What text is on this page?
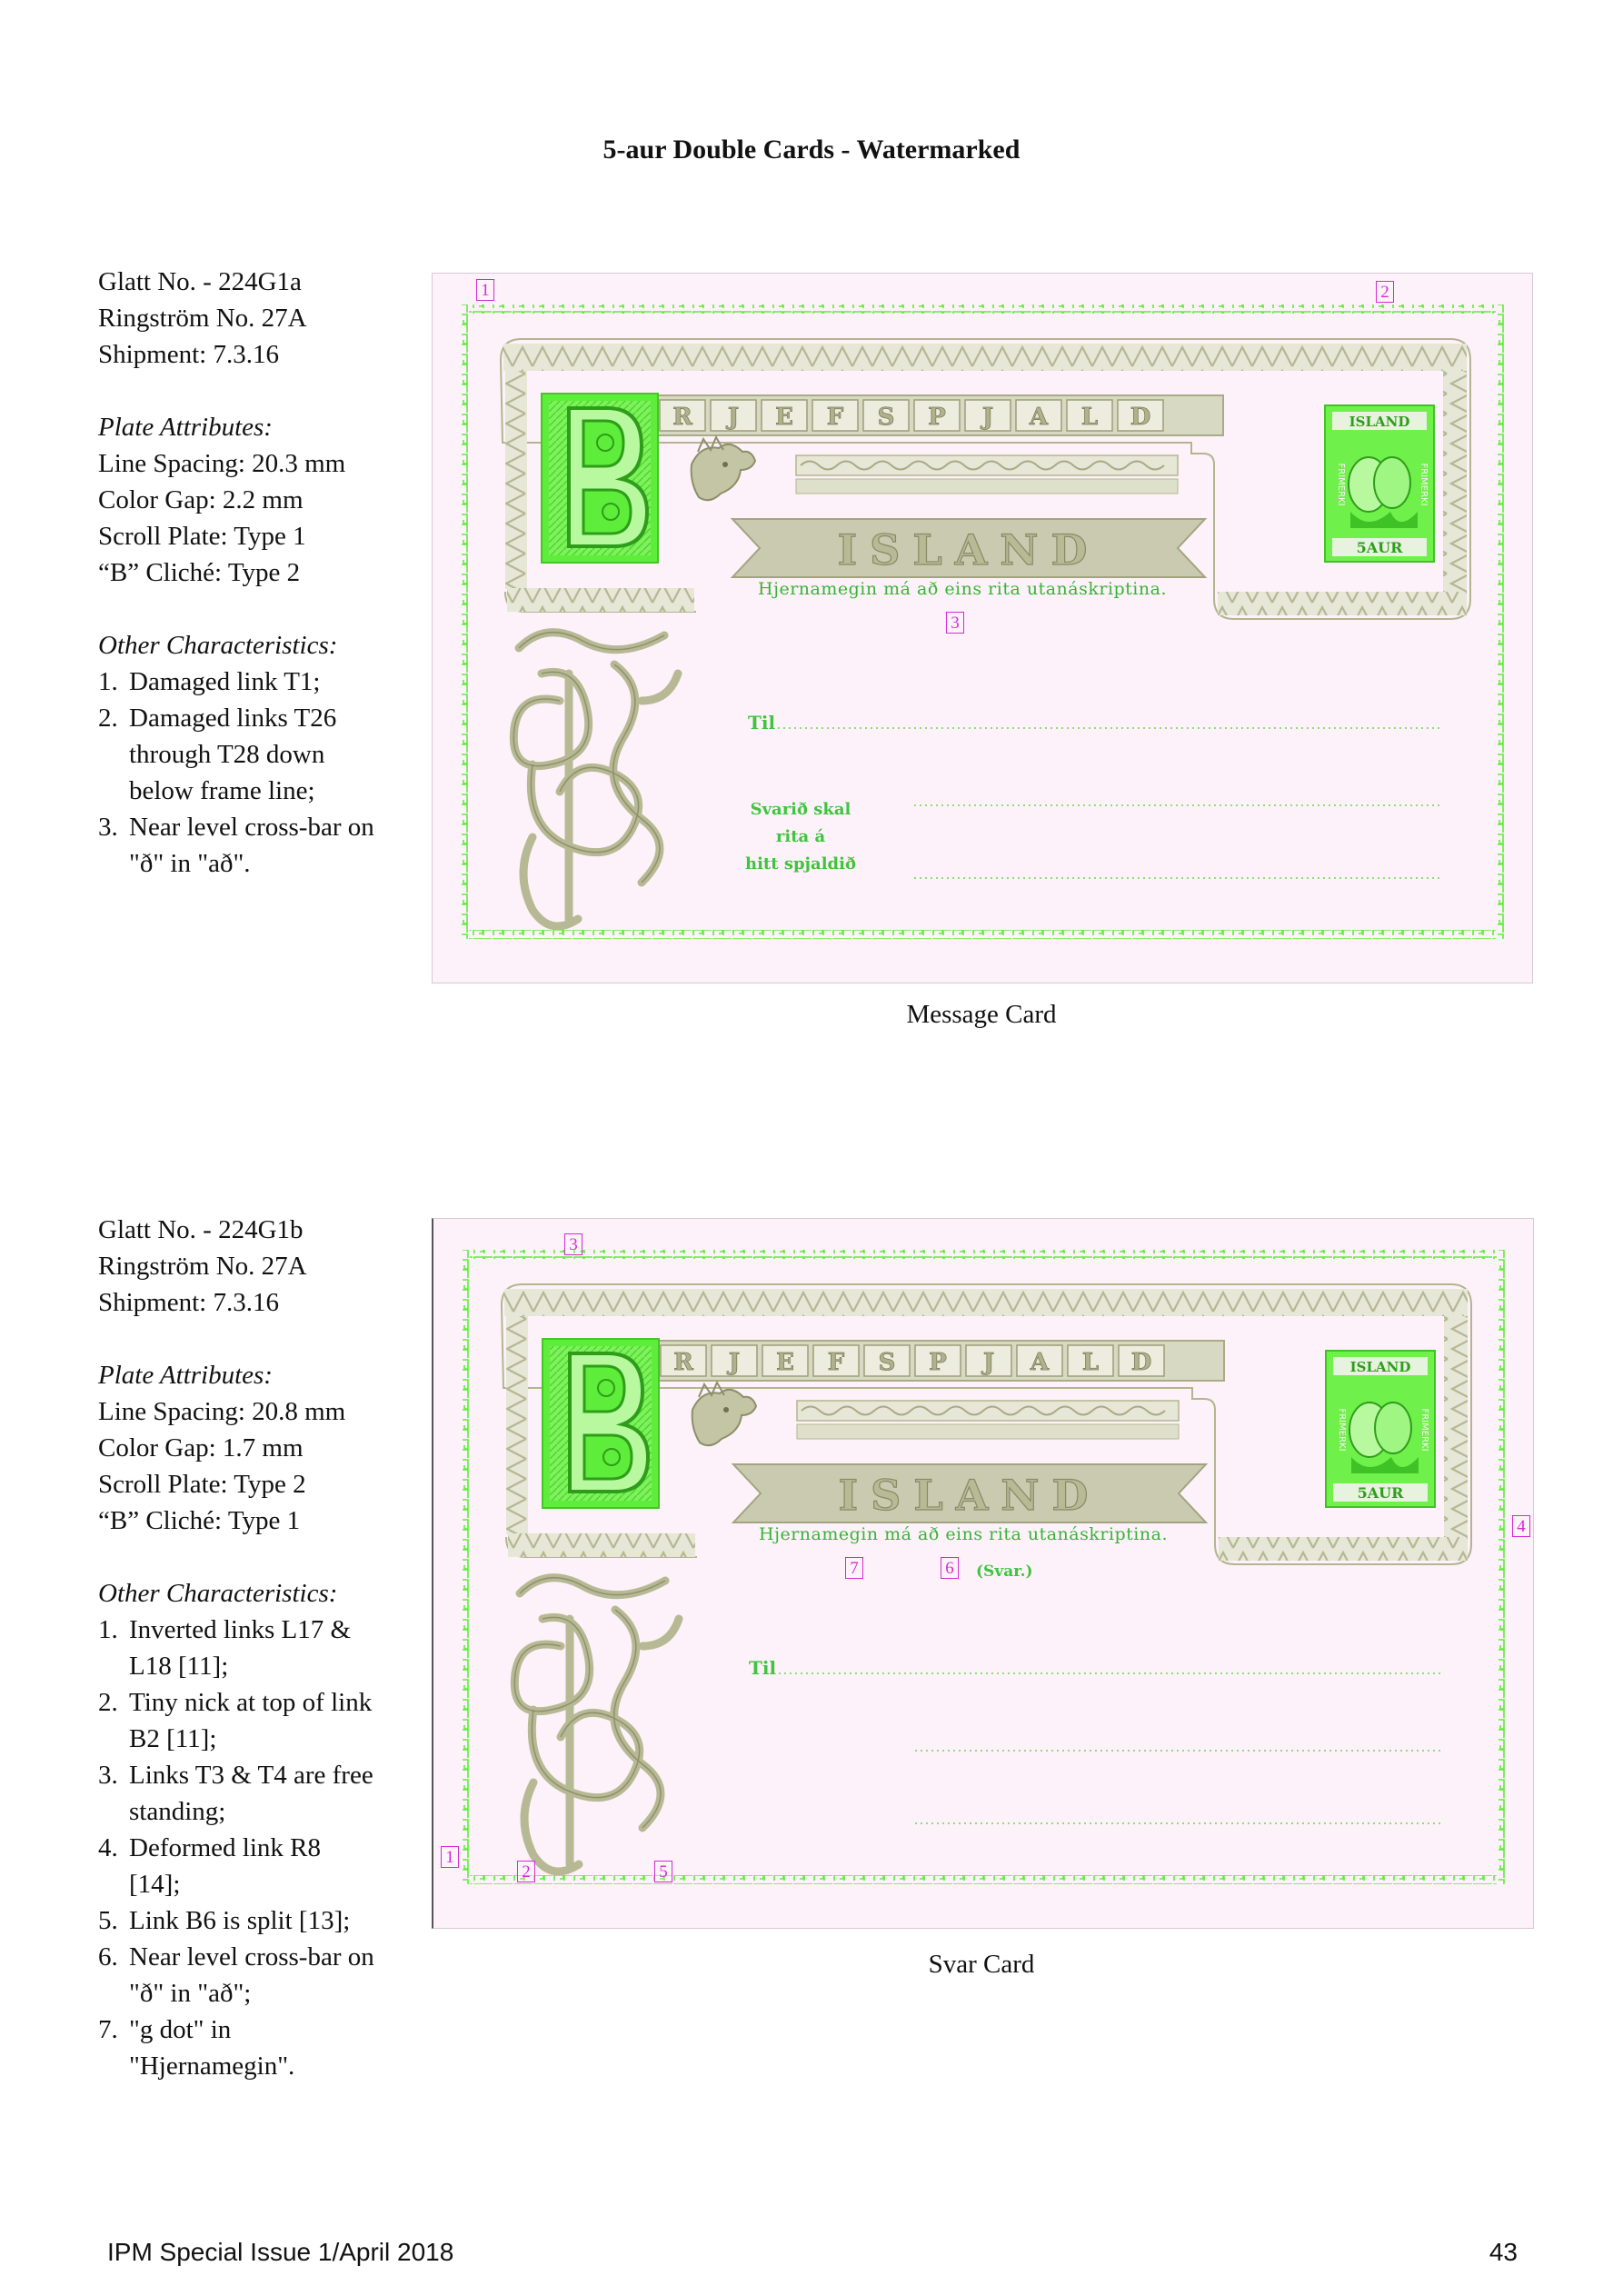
5-aur Double Cards - Watermarked
Glatt No. - 224G1a
Ringström No. 27A
Shipment: 7.3.16
Plate Attributes:
Line Spacing: 20.3 mm
Color Gap: 2.2 mm
Scroll Plate: Type 1
“B” Cliché: Type 2
Other Characteristics:
1. Damaged link T1;
2. Damaged links T26
through T28 down
below frame line;
3. Near level cross-bar on
"ð" in "að".
R J E F S P J A L D
ISLAND
ISLAND
5AUR
FRIMERKI	FRIMERKI
Hjernamegin má að eins rita utanáskriptina.
Til
Svarið skal
rita á
hitt spjaldið
1	2
3
Message Card
Glatt No. - 224G1b
Ringström No. 27A
Shipment: 7.3.16
Plate Attributes:
Line Spacing: 20.8 mm
Color Gap: 1.7 mm
Scroll Plate: Type 2
“B” Cliché: Type 1
Other Characteristics:
1. Inverted links L17 &
L18 [11];
2. Tiny nick at top of link
B2 [11];
3. Links T3 & T4 are free
standing;
4. Deformed link R8
[14];
5. Link B6 is split [13];
6. Near level cross-bar on
"ð" in "að";
7. "g dot" in
"Hjernamegin".
R J E F S P J A L D
ISLAND
ISLAND
5AUR
FRIMERKI	FRIMERKI
Hjernamegin má að eins rita utanáskriptina.
(Svar.)
Til
3
4
7	6
1
2	5
Svar Card
IPM Special Issue 1/April 2018	43
